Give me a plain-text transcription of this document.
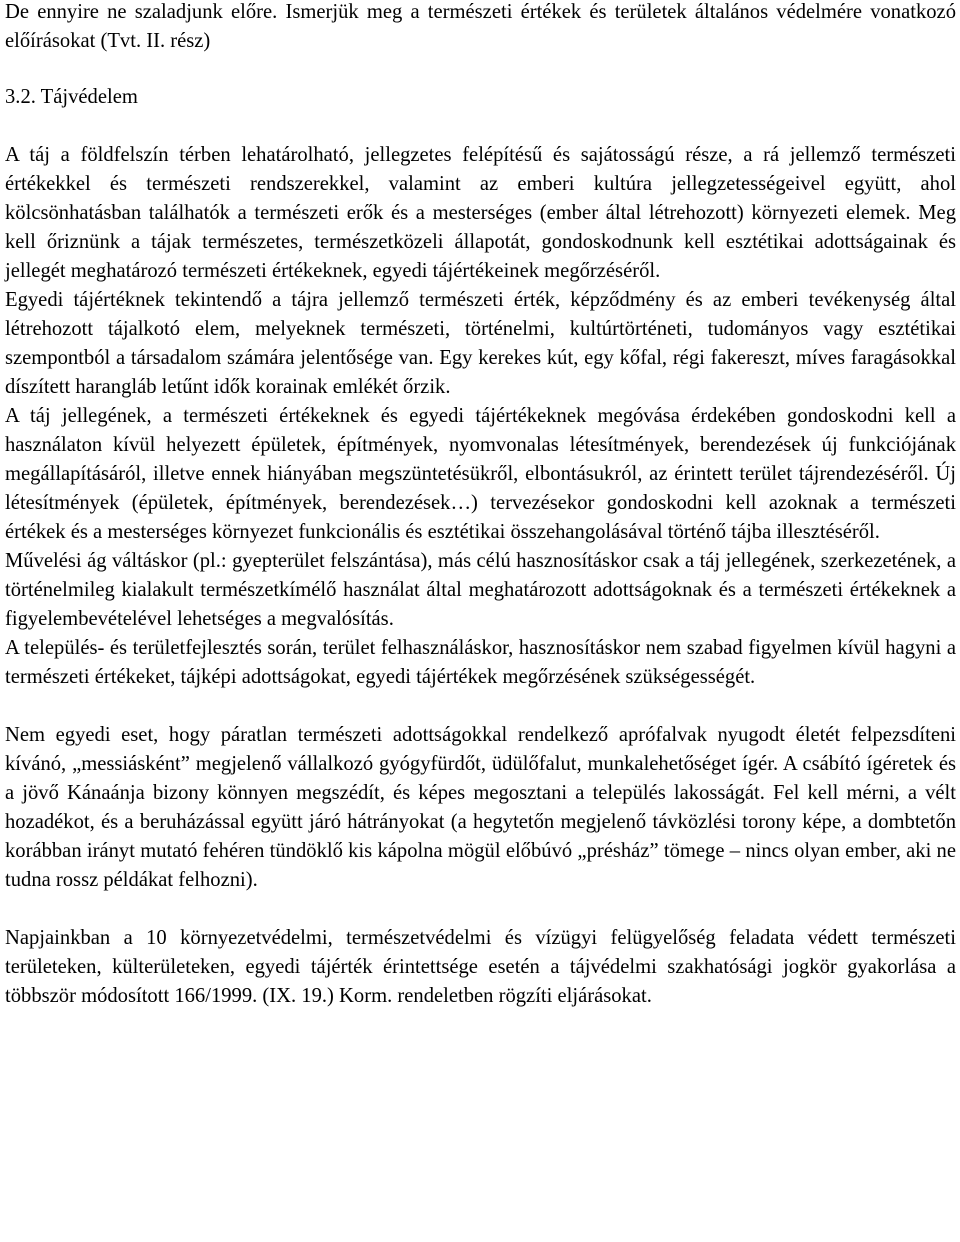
De ennyire ne szaladjunk előre. Ismerjük meg a természeti értékek és területek általános védelmére vonatkozó előírásokat (Tvt. II. rész)

3.2. Tájvédelem

A táj a földfelszín térben lehatárolható, jellegzetes felépítésű és sajátosságú része, a rá jellemző természeti értékekkel és természeti rendszerekkel, valamint az emberi kultúra jellegzetességeivel együtt, ahol kölcsönhatásban találhatók a természeti erők és a mesterséges (ember által létrehozott) környezeti elemek. Meg kell őriznünk a tájak természetes, természetközeli állapotát, gondoskodnunk kell esztétikai adottságainak és jellegét meghatározó természeti értékeknek, egyedi tájértékeinek megőrzéséről.

Egyedi tájértéknek tekintendő a tájra jellemző természeti érték, képződmény és az emberi tevékenység által létrehozott tájalkotó elem, melyeknek természeti, történelmi, kultúrtörténeti, tudományos vagy esztétikai szempontból a társadalom számára jelentősége van. Egy kerekes kút, egy kőfal, régi fakereszt, míves faragásokkal díszített harangláb letűnt idők korainak emlékét őrzik.

A táj jellegének, a természeti értékeknek és egyedi tájértékeknek megóvása érdekében gondoskodni kell a használaton kívül helyezett épületek, építmények, nyomvonalas létesítmények, berendezések új funkciójának megállapításáról, illetve ennek hiányában megszüntetésükről, elbontásukról, az érintett terület tájrendezéséről. Új létesítmények (épületek, építmények, berendezések…) tervezésekor gondoskodni kell azoknak a természeti értékek és a mesterséges környezet funkcionális és esztétikai összehangolásával történő tájba illesztéséről.

Művelési ág váltáskor (pl.: gyepterület felszántása), más célú hasznosításkor csak a táj jellegének, szerkezetének, a történelmileg kialakult természetkímélő használat által meghatározott adottságoknak és a természeti értékeknek a figyelembevételével lehetséges a megvalósítás.

A település- és területfejlesztés során, terület felhasználáskor, hasznosításkor nem szabad figyelmen kívül hagyni a természeti értékeket, tájképi adottságokat, egyedi tájértékek megőrzésének szükségességét.

Nem egyedi eset, hogy páratlan természeti adottságokkal rendelkező aprófalvak nyugodt életét felpezsdíteni kívánó, „messiásként” megjelenő vállalkozó gyógyfürdőt, üdülőfalut, munkalehetőséget ígér. A csábító ígéretek és a jövő Kánaánja bizony könnyen megszédít, és képes megosztani a település lakosságát. Fel kell mérni, a vélt hozadékot, és a beruházással együtt járó hátrányokat (a hegytetőn megjelenő távközlési torony képe, a dombtetőn korábban irányt mutató fehéren tündöklő kis kápolna mögül előbúvó „présház” tömege – nincs olyan ember, aki ne tudna rossz példákat felhozni).

Napjainkban a 10 környezetvédelmi, természetvédelmi és vízügyi felügyelőség feladata védett természeti területeken, külterületeken, egyedi tájérték érintettsége esetén a tájvédelmi szakhatósági jogkör gyakorlása a többször módosított 166/1999. (IX. 19.) Korm. rendeletben rögzíti eljárásokat.
